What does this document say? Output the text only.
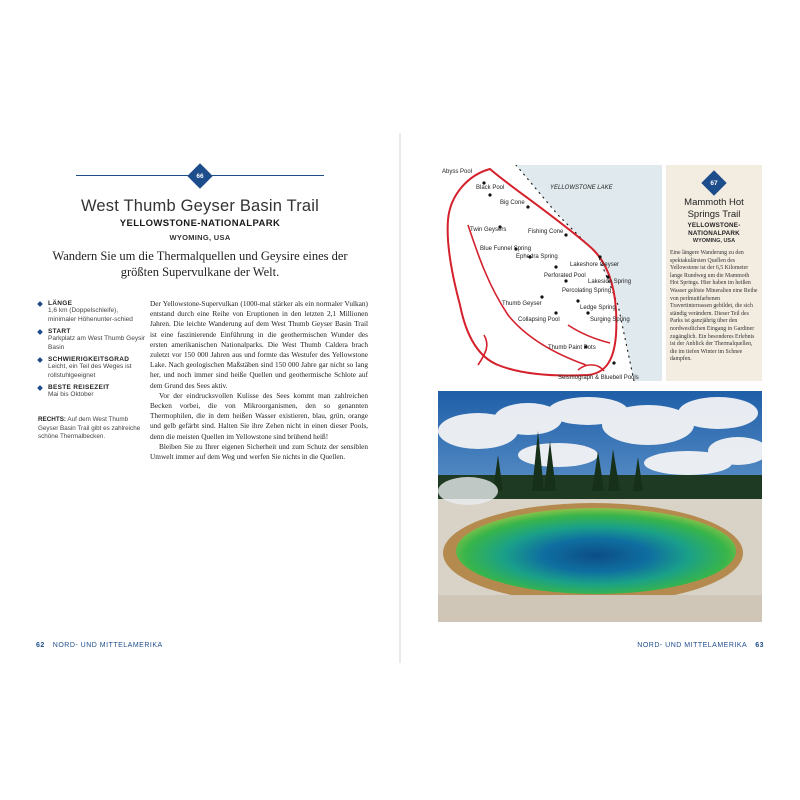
66
West Thumb Geyser Basin Trail
YELLOWSTONE-NATIONALPARK
WYOMING, USA
Wandern Sie um die Thermalquellen und Geysire eines der größten Supervulkane der Welt.
LÄNGE
1,6 km (Doppelschleife), minimaler Höhenunter-schied
START
Parkplatz am West Thumb Geysir Basin
SCHWIERIGKEITSGRAD
Leicht, ein Teil des Weges ist rollstuhlgeeignet
BESTE REISEZEIT
Mai bis Oktober
RECHTS: Auf dem West Thumb Geyser Basin Trail gibt es zahlreiche schöne Thermalbecken.

Der Yellowstone-Supervulkan (1000-mal stärker als ein normaler Vulkan) entstand durch eine Reihe von Eruptionen in den letzten 2,1 Millionen Jahren. Die leichte Wanderung auf dem West Thumb Geyser Basin Trail ist eine faszinierende Einführung in die geothermischen Wunder des ersten amerikanischen Nationalparks. Die West Thumb Caldera brach zuletzt vor 150 000 Jahren aus und formte das Westufer des Yellowstone Lake. Nach geologischen Maßstäben sind 150 000 Jahre gar nicht so lang her, und noch immer sind heiße Quellen und geothermische Schlote auf dem Grund des Sees aktiv.

Vor der eindrucksvollen Kulisse des Sees kommt man zahlreichen Becken vorbei, die von Mikroorganismen, den so genannten Thermophilen, die in dem heißen Wasser existieren, blau, grün, orange und gelb gefärbt sind. Halten Sie ihre Zehen nicht in einen dieser Pools, denn die meisten Quellen im Yellowstone sind brühend heiß!

Bleiben Sie zu Ihrer eigenen Sicherheit und zum Schutz der sensiblen Umwelt immer auf dem Weg und werfen Sie nichts in die Quellen.

62 NORD- UND MITTELAMERIKA
YELLOWSTONE LAKE
Abyss Pool
Black Pool
Big Cone
Twin Geysers	Fishing Cone
Blue Funnel Spring
Ephedra Spring
Lakeshore Geyser
Perforated Pool
Lakeside Spring
Percolating Spring
Thumb Geyser
Ledge Spring
Collapsing Pool	Surging Spring
Thumb Paint Pots
Seismograph & Bluebell Pools
67
Mammoth Hot Springs Trail
YELLOWSTONE-NATIONALPARK
WYOMING, USA
Eine längere Wanderung zu den spektakulärsten Quellen des Yellowstone ist der 6,5 Kilometer lange Rundweg um die Mammoth Hot Springs. Hier haben im heißen Wasser gelöste Mineralien eine Reihe von perlmuttfarbenen Travertinterrassen gebildet, die sich ständig verändern. Dieser Teil des Parks ist ganzjährig über den nordwestlichen Eingang in Gardiner zugänglich. Ein besonderes Erlebnis ist der Anblick der Thermalquellen, die im tiefen Winter im Schnee dampfen.
NORD- UND MITTELAMERIKA 63
